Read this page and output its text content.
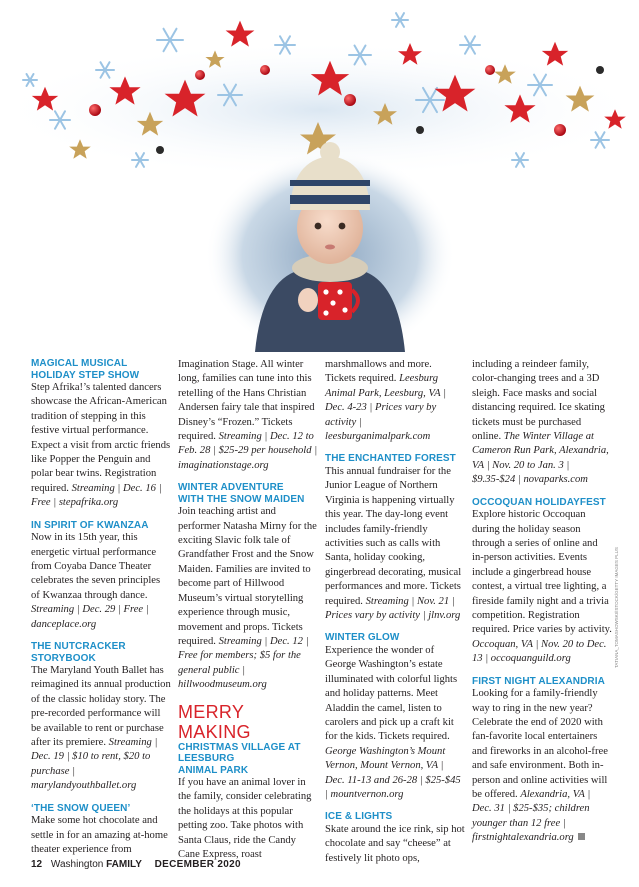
MAGICAL MUSICAL
HOLIDAY STEP SHOW

Step Afrika!’s talented dancers showcase the African-American tradition of stepping in this festive virtual performance. Expect a visit from arctic friends like Popper the Penguin and polar bear twins. Registration required. Streaming | Dec. 16 | Free | stepafrika.org

IN SPIRIT OF KWANZAA

Now in its 15th year, this energetic virtual performance from Coyaba Dance Theater celebrates the seven principles of Kwanzaa through dance. Streaming | Dec. 29 | Free | danceplace.org

THE NUTCRACKER STORYBOOK

The Maryland Youth Ballet has reimagined its annual production of the classic holiday story. The pre-recorded performance will be available to rent or purchase after its premiere. Streaming | Dec. 19 | $10 to rent, $20 to purchase | marylandyouthballet.org

‘THE SNOW QUEEN’

Make some hot chocolate and settle in for an amazing at-home theater experience from

Imagination Stage. All winter long, families can tune into this retelling of the Hans Christian Andersen fairy tale that inspired Disney’s “Frozen.” Tickets required. Streaming | Dec. 12 to Feb. 28 | $25-29 per household | imaginationstage.org

WINTER ADVENTURE
WITH THE SNOW MAIDEN

Join teaching artist and performer Natasha Mirny for the exciting Slavic folk tale of Grandfather Frost and the Snow Maiden. Families are invited to become part of Hillwood Museum’s virtual storytelling experience through music, movement and props. Tickets required. Streaming | Dec. 12 | Free for members; $5 for the general public | hillwoodmuseum.org

MERRY MAKING
CHRISTMAS VILLAGE AT LEESBURG
ANIMAL PARK

If you have an animal lover in the family, consider celebrating the holidays at this popular petting zoo. Take photos with Santa Claus, ride the Candy Cane Express, roast

marshmallows and more. Tickets required. Leesburg Animal Park, Leesburg, VA | Dec. 4-23 | Prices vary by activity | leesburganimalpark.com

THE ENCHANTED FOREST

This annual fundraiser for the Junior League of Northern Virginia is happening virtually this year. The day-long event includes family-friendly activities such as calls with Santa, holiday cooking, gingerbread decorating, musical performances and more. Tickets required. Streaming | Nov. 21 | Prices vary by activity | jlnv.org

WINTER GLOW

Experience the wonder of George Washington’s estate illuminated with colorful lights and holiday patterns. Meet Aladdin the camel, listen to carolers and pick up a craft kit for the kids. Tickets required. George Washington’s Mount Vernon, Mount Vernon, VA | Dec. 11-13 and 26-28 | $25-$45 | mountvernon.org

ICE & LIGHTS

Skate around the ice rink, sip hot chocolate and say “cheese” at festively lit photo ops,

including a reindeer family, color-changing trees and a 3D sleigh. Face masks and social distancing required. Ice skating tickets must be purchased online. The Winter Village at Cameron Run Park, Alexandria, VA | Nov. 20 to Jan. 3 | $9.35-$24 | novaparks.com

OCCOQUAN HOLIDAYFEST

Explore historic Occoquan during the holiday season through a series of online and in-person activities. Events include a gingerbread house contest, a virtual tree lighting, a fireside family night and a trivia competition. Registration required. Price varies by activity. Occoquan, VA | Nov. 20 to Dec. 13 | occoquanguild.org

FIRST NIGHT ALEXANDRIA

Looking for a family-friendly way to ring in the new year? Celebrate the end of 2020 with fan-favorite local entertainers and fireworks in an alcohol-free and safe environment. Both in-person and online activities will be offered. Alexandria, VA | Dec. 31 | $25-$35; children younger than 12 free | firstnightalexandria.org

TATIANA_TOMASHOWSKI/ISTOCK/GETTY IMAGES PLUS
12 Washington FAMILY DECEMBER 2020
